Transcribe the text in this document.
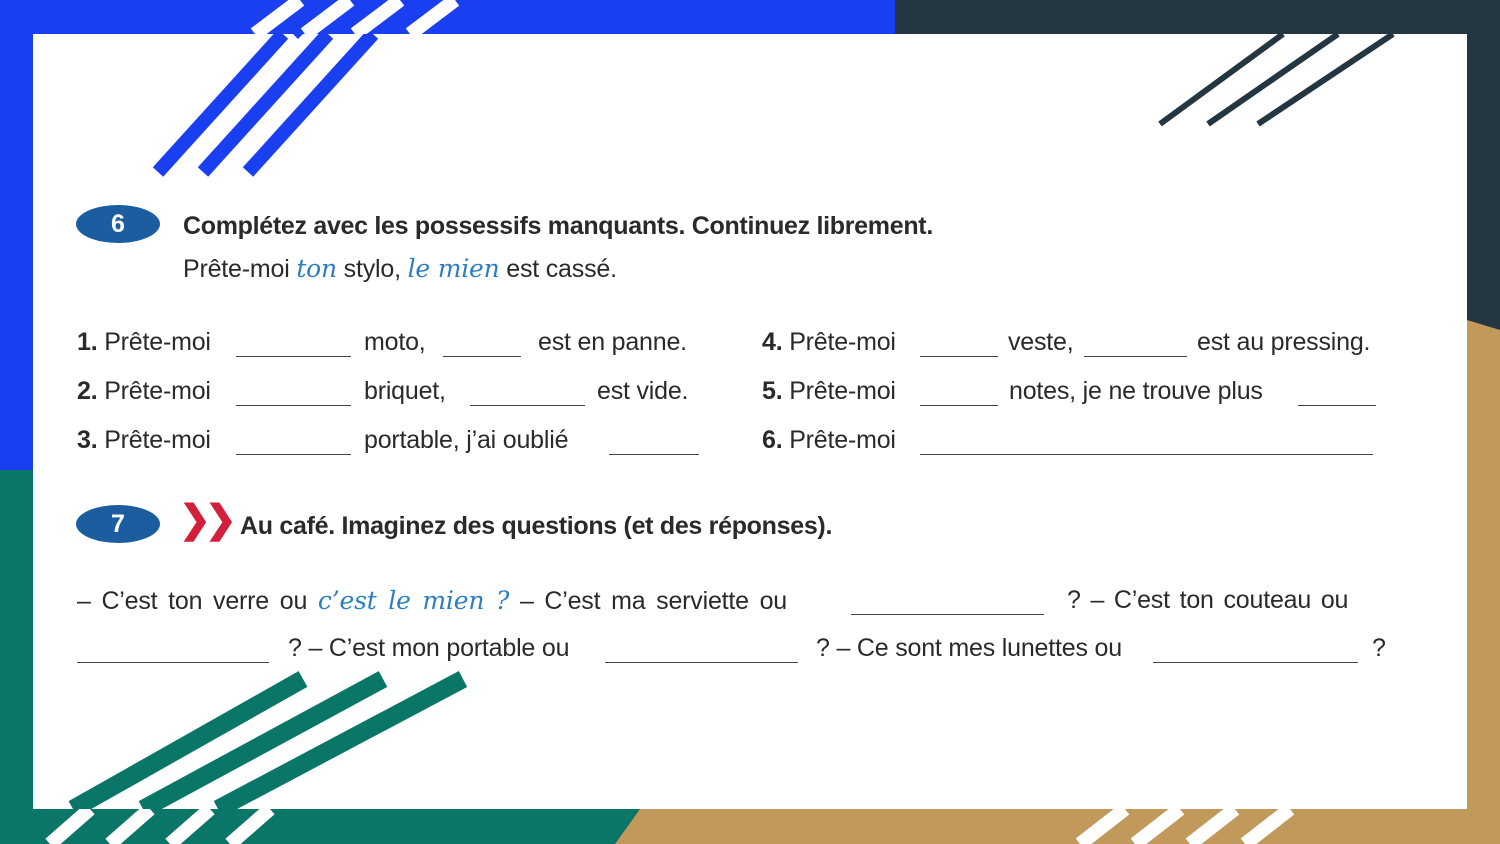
6	Complétez avec les possessifs manquants. Continuez librement.
Prête-moi ton stylo, le mien est cassé.
1. Prête-moi	moto,	est en panne.
2. Prête-moi	briquet,	est vide.
3. Prête-moi	portable, j’ai oublié
4. Prête-moi	veste,	est au pressing.
5. Prête-moi	notes, je ne trouve plus
6. Prête-moi
7	❯❯ Au café. Imaginez des questions (et des réponses).
– C’est ton verre ou c’est le mien ? – C’est ma serviette ou	? – C’est ton couteau ou
? – C’est mon portable ou	? – Ce sont mes lunettes ou	?
